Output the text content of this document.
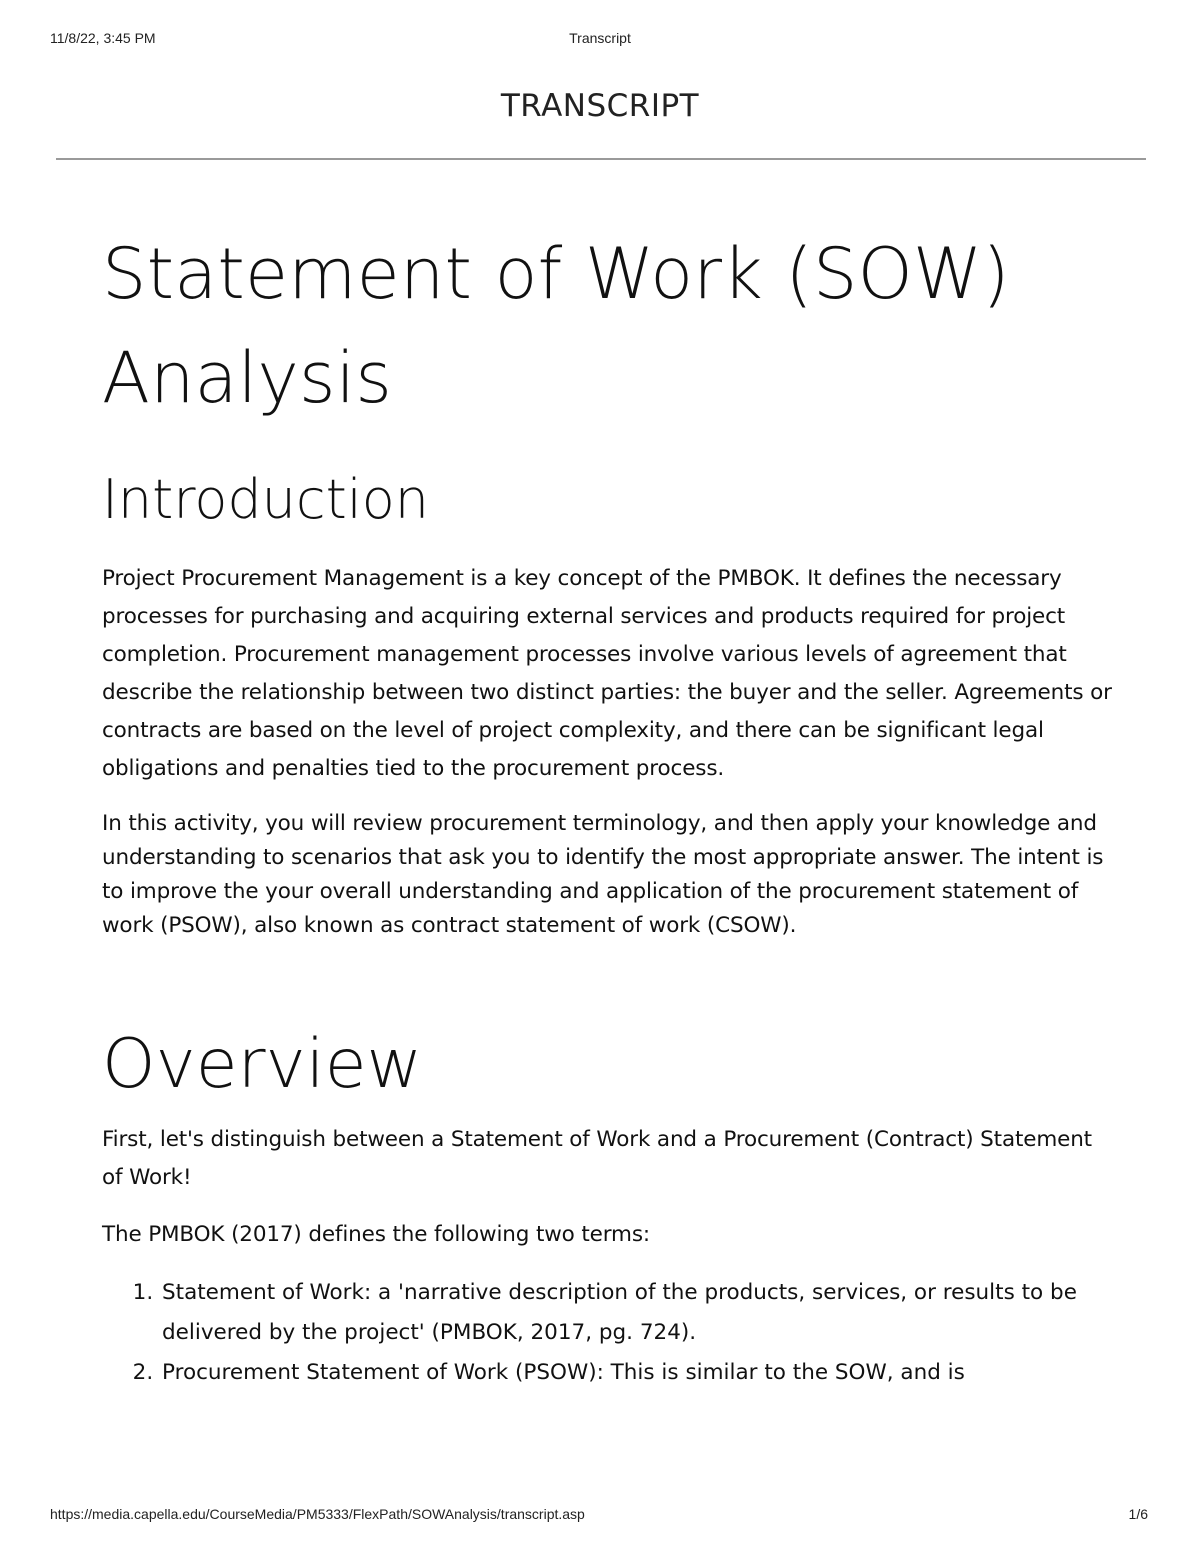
11/8/22, 3:45 PM	Transcript
TRANSCRIPT
Statement of Work (SOW) Analysis
Introduction

Project Procurement Management is a key concept of the PMBOK. It defines the necessary processes for purchasing and acquiring external services and products required for project completion. Procurement management processes involve various levels of agreement that describe the relationship between two distinct parties: the buyer and the seller. Agreements or contracts are based on the level of project complexity, and there can be significant legal obligations and penalties tied to the procurement process.

In this activity, you will review procurement terminology, and then apply your knowledge and understanding to scenarios that ask you to identify the most appropriate answer. The intent is to improve the your overall understanding and application of the procurement statement of work (PSOW), also known as contract statement of work (CSOW).

Overview

First, let's distinguish between a Statement of Work and a Procurement (Contract) Statement of Work!

The PMBOK (2017) defines the following two terms:

1. Statement of Work: a 'narrative description of the products, services, or results to be delivered by the project' (PMBOK, 2017, pg. 724).
2. Procurement Statement of Work (PSOW): This is similar to the SOW, and is
https://media.capella.edu/CourseMedia/PM5333/FlexPath/SOWAnalysis/transcript.asp	1/6
